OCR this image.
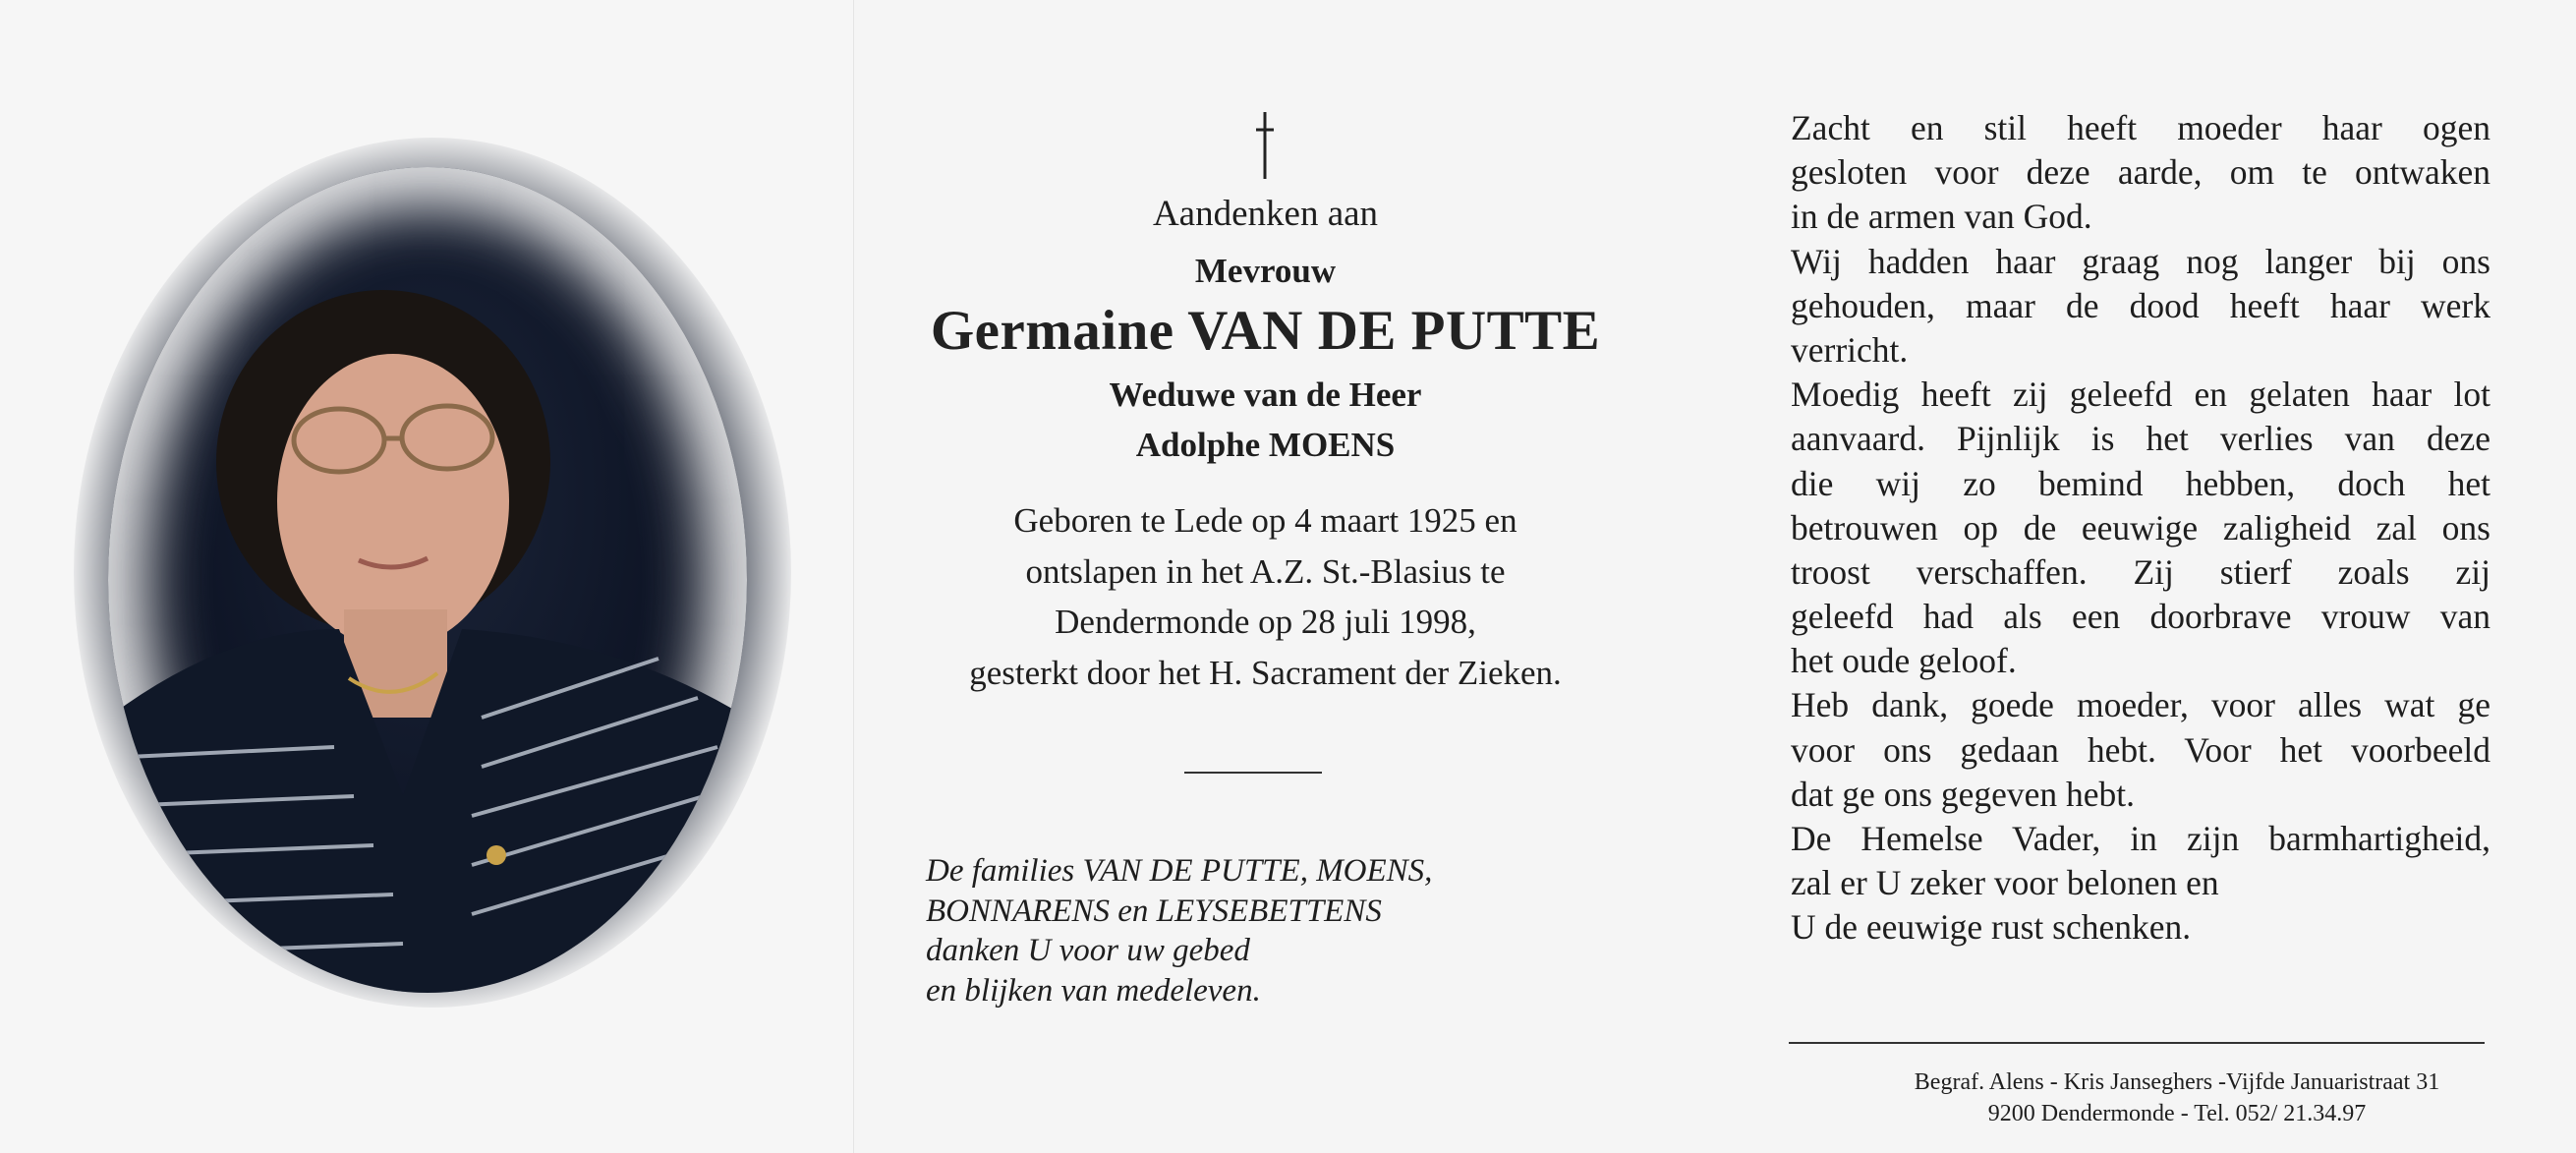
Aandenken aan
Mevrouw
Germaine VAN DE PUTTE
Weduwe van de Heer
Adolphe MOENS
Geboren te Lede op 4 maart 1925 en
ontslapen in het A.Z. St.-Blasius te
Dendermonde op 28 juli 1998,
gesterkt door het H. Sacrament der Zieken.
De families VAN DE PUTTE, MOENS,
BONNARENS en LEYSEBETTENS
danken U voor uw gebed
en blijken van medeleven.
Zacht en stil heeft moeder haar ogen
gesloten voor deze aarde, om te ontwaken
in de armen van God.
Wij hadden haar graag nog langer bij ons
gehouden, maar de dood heeft haar werk
verricht.
Moedig heeft zij geleefd en gelaten haar lot
aanvaard. Pijnlijk is het verlies van deze
die wij zo bemind hebben, doch het
betrouwen op de eeuwige zaligheid zal ons
troost verschaffen. Zij stierf zoals zij
geleefd had als een doorbrave vrouw van
het oude geloof.
Heb dank, goede moeder, voor alles wat ge
voor ons gedaan hebt. Voor het voorbeeld
dat ge ons gegeven hebt.
De Hemelse Vader, in zijn barmhartigheid,
zal er U zeker voor belonen en
U de eeuwige rust schenken.
Begraf. Alens - Kris Janseghers -Vijfde Januaristraat 31
9200 Dendermonde - Tel. 052/ 21.34.97
